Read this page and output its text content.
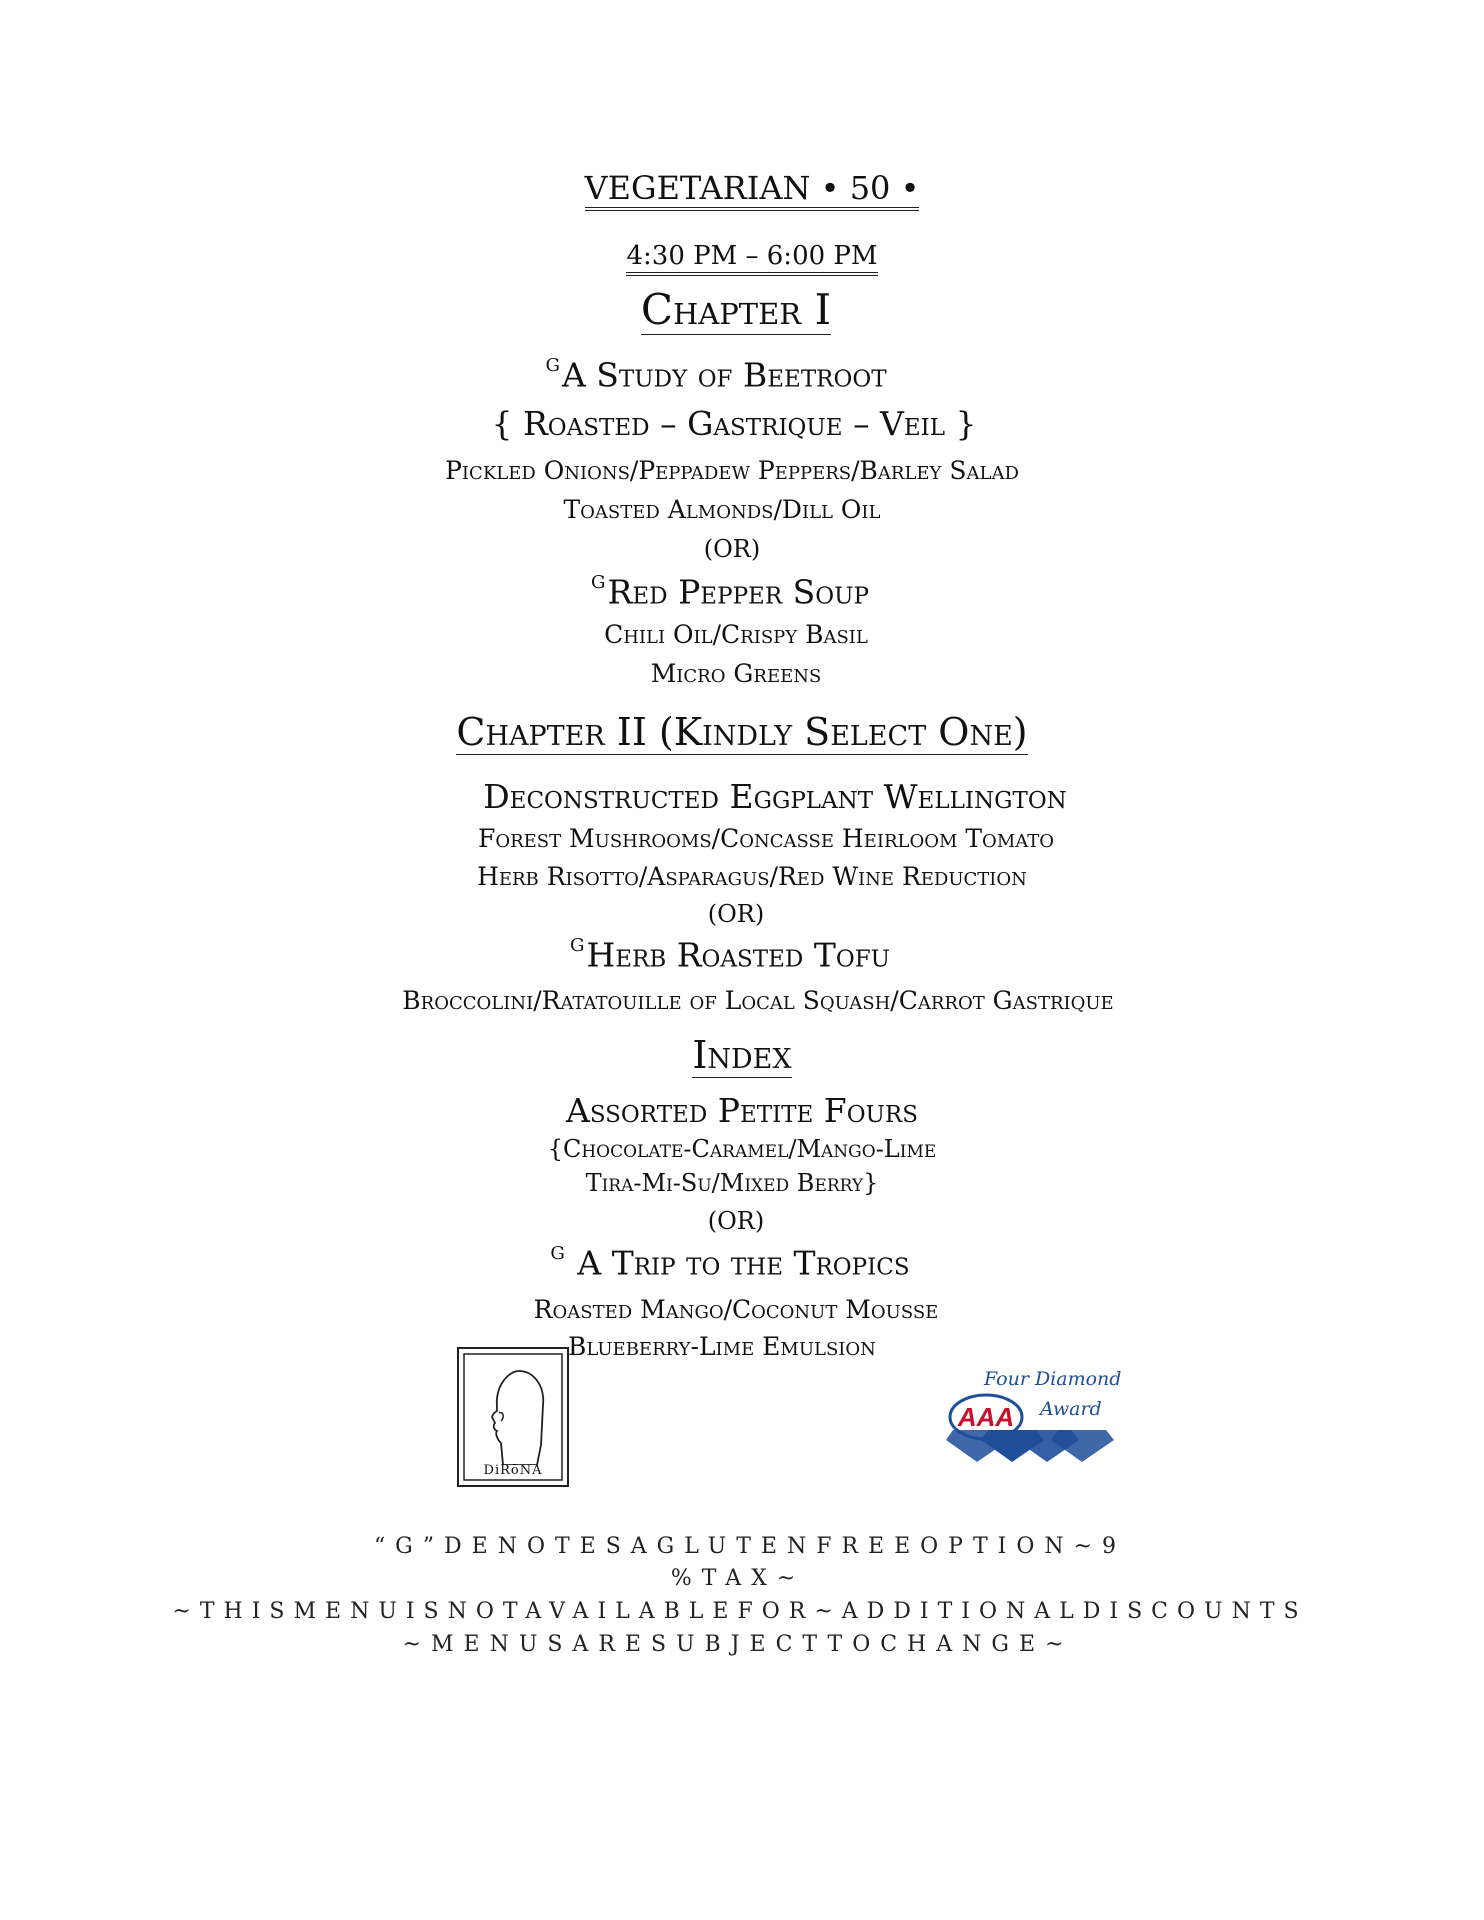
VEGETARIAN • 50 •
4:30 PM – 6:00 PM
Chapter I
$^G$A Study of Beetroot
{ Roasted – Gastrique – Veil }
Pickled Onions/Peppadew Peppers/Barley Salad
Toasted Almonds/Dill Oil
(OR)
$^G$Red Pepper Soup
Chili Oil/Crispy Basil
Micro Greens
Chapter II (Kindly Select One)
Deconstructed Eggplant Wellington
Forest Mushrooms/Concasse Heirloom Tomato
Herb Risotto/Asparagus/Red Wine Reduction
(OR)
$^G$Herb Roasted Tofu
Broccolini/Ratatouille of Local Squash/Carrot Gastrique
Index
Assorted Petite Fours
{Chocolate-Caramel/Mango-Lime
Tira-Mi-Su/Mixed Berry}
(OR)
$^G$ A Trip to the Tropics
Roasted Mango/Coconut Mousse
Blueberry-Lime Emulsion
DiRōNA
Four Diamond
Award
AAA
“G”DENOTESAGLUTENFREEOPTION~9
%TAX~
~THISMENUISNOTAVAILABLEFOR~ADDITIONALDISCOUNTS
~MENUSARESUBJECTTOCHANGE~
